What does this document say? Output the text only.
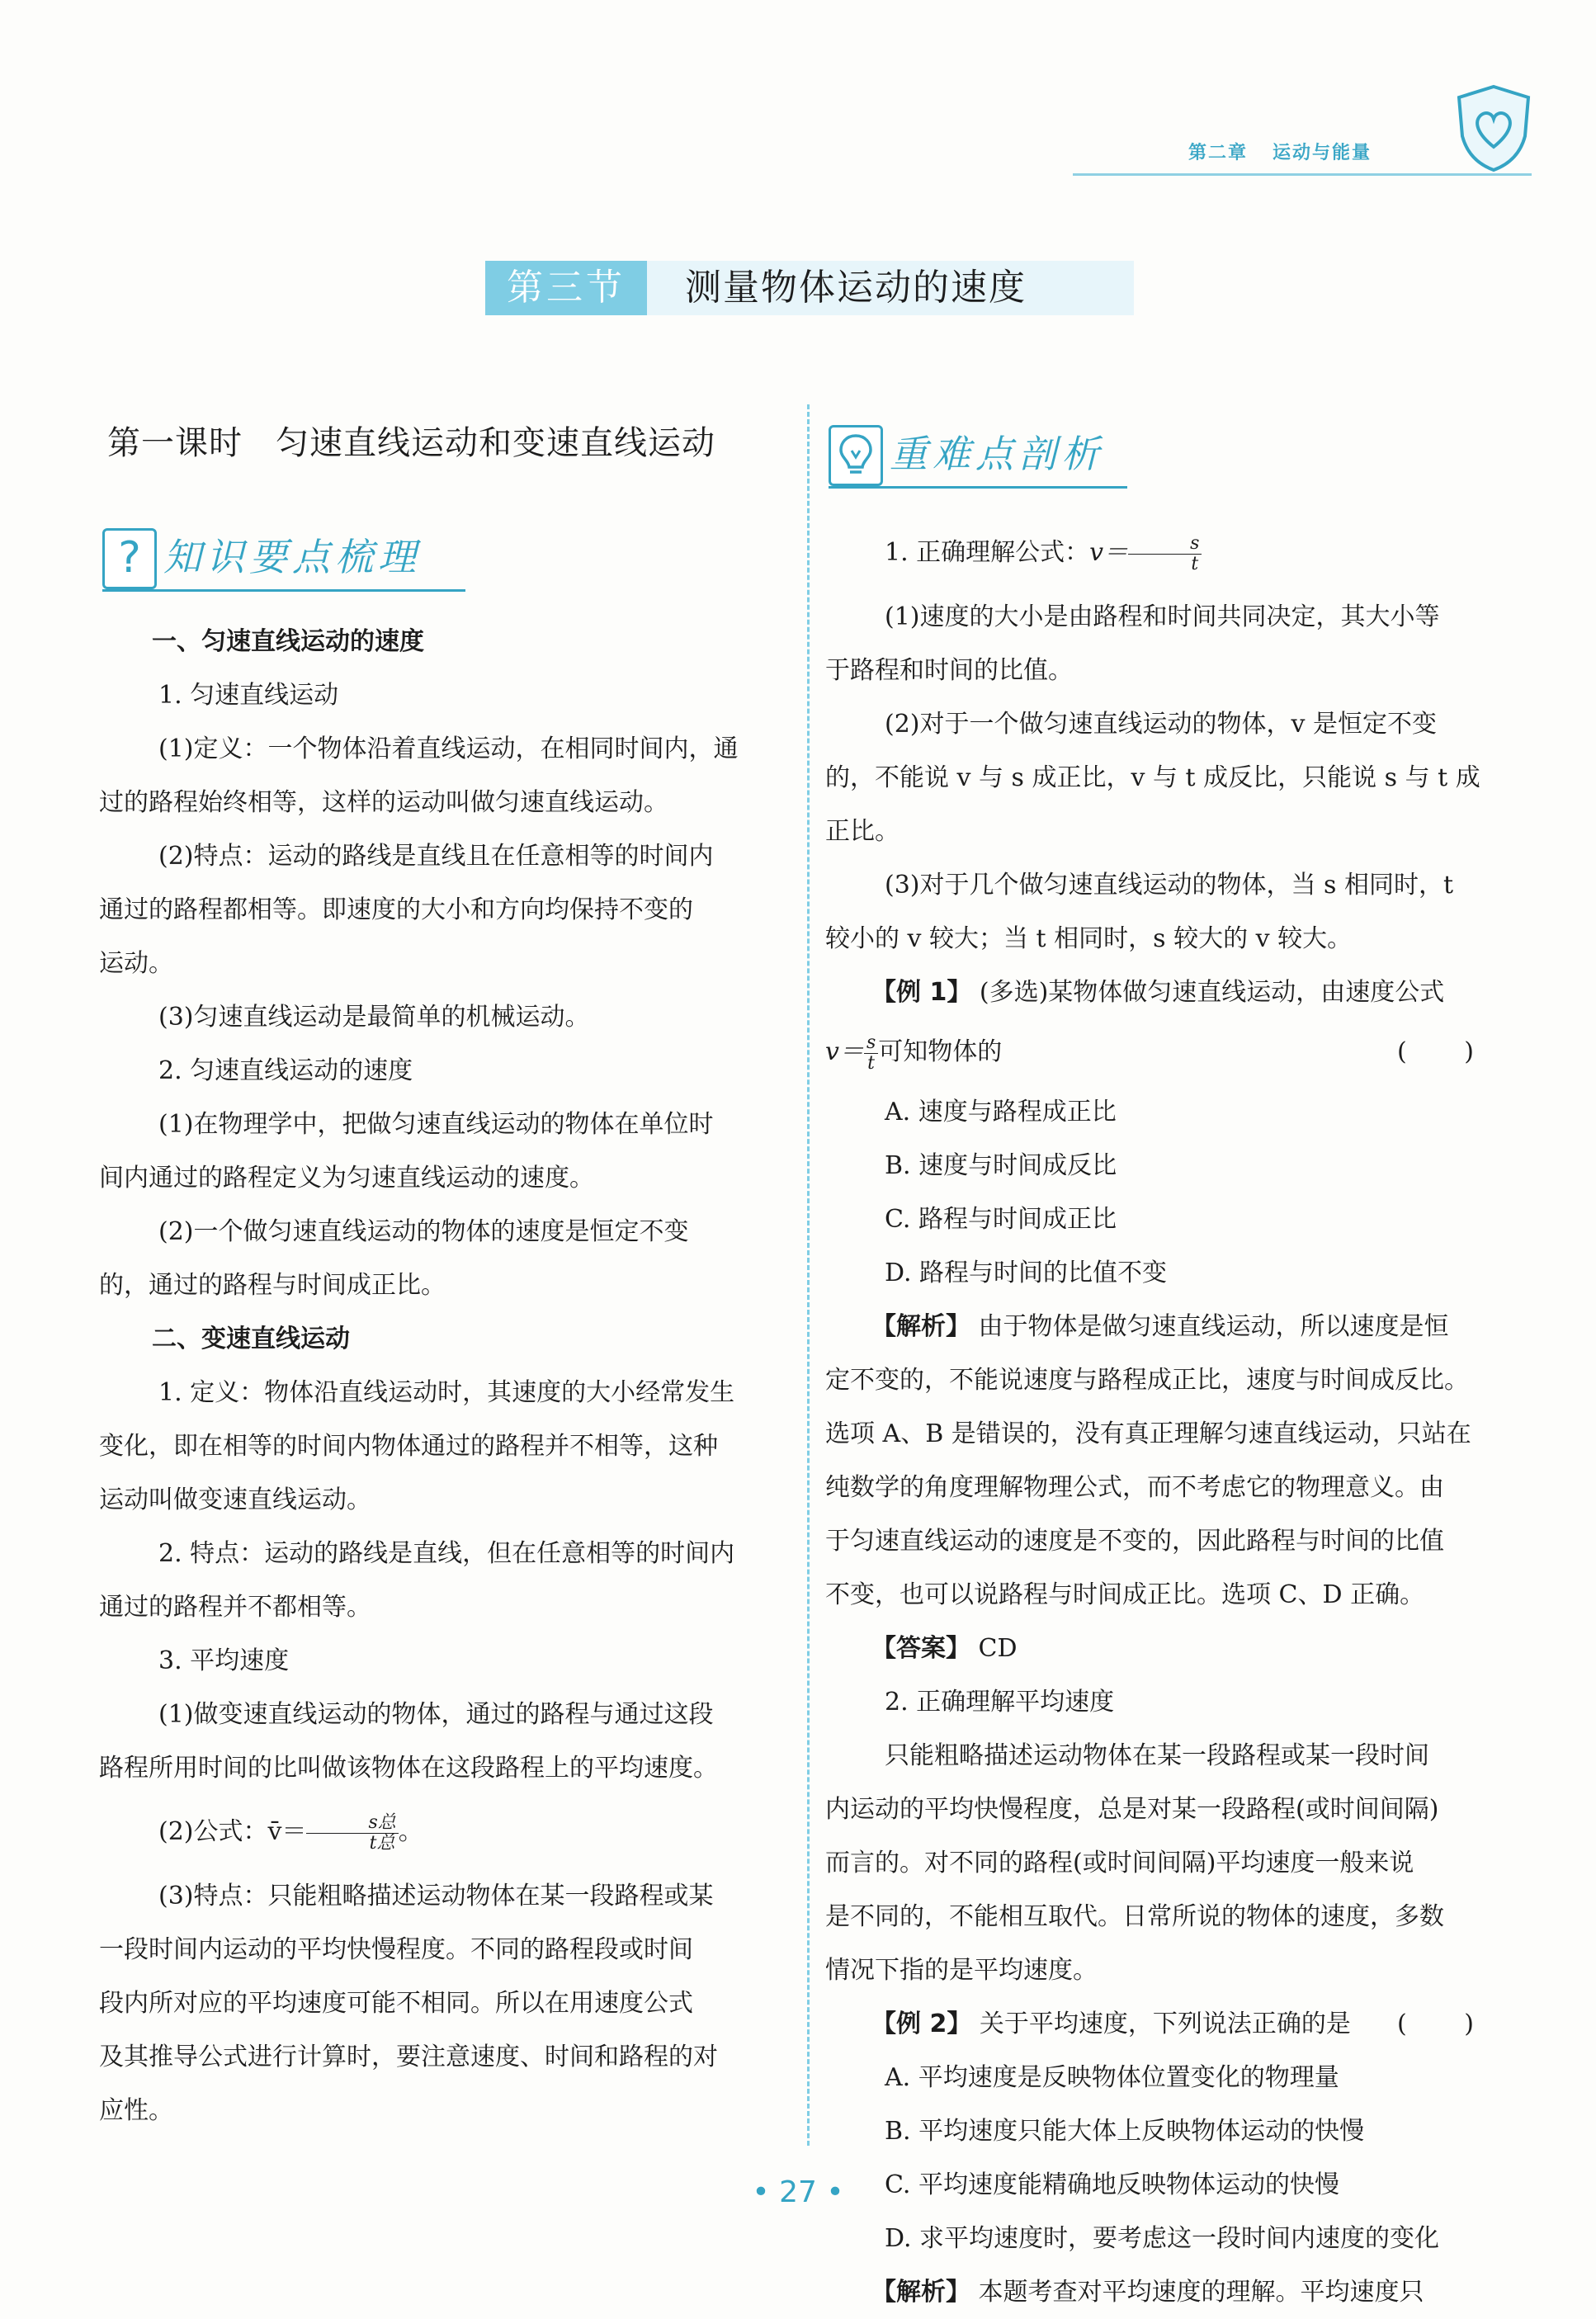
第二章 运动与能量
第三节	测量物体运动的速度
第一课时 匀速直线运动和变速直线运动
? 知识要点梳理

一、匀速直线运动的速度

1. 匀速直线运动

(1)定义：一个物体沿着直线运动，在相同时间内，通

过的路程始终相等，这样的运动叫做匀速直线运动。

(2)特点：运动的路线是直线且在任意相等的时间内

通过的路程都相等。即速度的大小和方向均保持不变的

运动。

(3)匀速直线运动是最简单的机械运动。

2. 匀速直线运动的速度

(1)在物理学中，把做匀速直线运动的物体在单位时

间内通过的路程定义为匀速直线运动的速度。

(2)一个做匀速直线运动的物体的速度是恒定不变

的，通过的路程与时间成正比。

二、变速直线运动

1. 定义：物体沿直线运动时，其速度的大小经常发生

变化，即在相等的时间内物体通过的路程并不相等，这种

运动叫做变速直线运动。

2. 特点：运动的路线是直线，但在任意相等的时间内

通过的路程并不都相等。

3. 平均速度

(1)做变速直线运动的物体，通过的路程与通过这段

路程所用时间的比叫做该物体在这段路程上的平均速度。

(2)公式：v̄＝ $\frac{\text{s总}}{\text{t总}}$ 。

(3)特点：只能粗略描述运动物体在某一段路程或某

一段时间内运动的平均快慢程度。不同的路程段或时间

段内所对应的平均速度可能不相同。所以在用速度公式

及其推导公式进行计算时，要注意速度、时间和路程的对

应性。

重难点剖析

1. 正确理解公式：$v= \frac{s}{t}$

(1)速度的大小是由路程和时间共同决定，其大小等

于路程和时间的比值。

(2)对于一个做匀速直线运动的物体，v 是恒定不变

的，不能说 v 与 s 成正比，v 与 t 成反比，只能说 s 与 t 成

正比。

(3)对于几个做匀速直线运动的物体，当 s 相同时，t

较小的 v 较大；当 t 相同时，s 较大的 v 较大。

【例 1】 (多选)某物体做匀速直线运动，由速度公式

$v= \frac{s}{t}$ 可知物体的	( )

A. 速度与路程成正比

B. 速度与时间成反比

C. 路程与时间成正比

D. 路程与时间的比值不变

【解析】 由于物体是做匀速直线运动，所以速度是恒

定不变的，不能说速度与路程成正比，速度与时间成反比。

选项 A、B 是错误的，没有真正理解匀速直线运动，只站在

纯数学的角度理解物理公式，而不考虑它的物理意义。由

于匀速直线运动的速度是不变的，因此路程与时间的比值

不变，也可以说路程与时间成正比。选项 C、D 正确。

【答案】 CD

2. 正确理解平均速度

只能粗略描述运动物体在某一段路程或某一段时间

内运动的平均快慢程度，总是对某一段路程(或时间间隔)

而言的。对不同的路程(或时间间隔)平均速度一般来说

是不同的，不能相互取代。日常所说的物体的速度，多数

情况下指的是平均速度。

【例 2】 关于平均速度，下列说法正确的是	( )

A. 平均速度是反映物体位置变化的物理量

B. 平均速度只能大体上反映物体运动的快慢

C. 平均速度能精确地反映物体运动的快慢

D. 求平均速度时，要考虑这一段时间内速度的变化

【解析】 本题考查对平均速度的理解。平均速度只

• 27 •
